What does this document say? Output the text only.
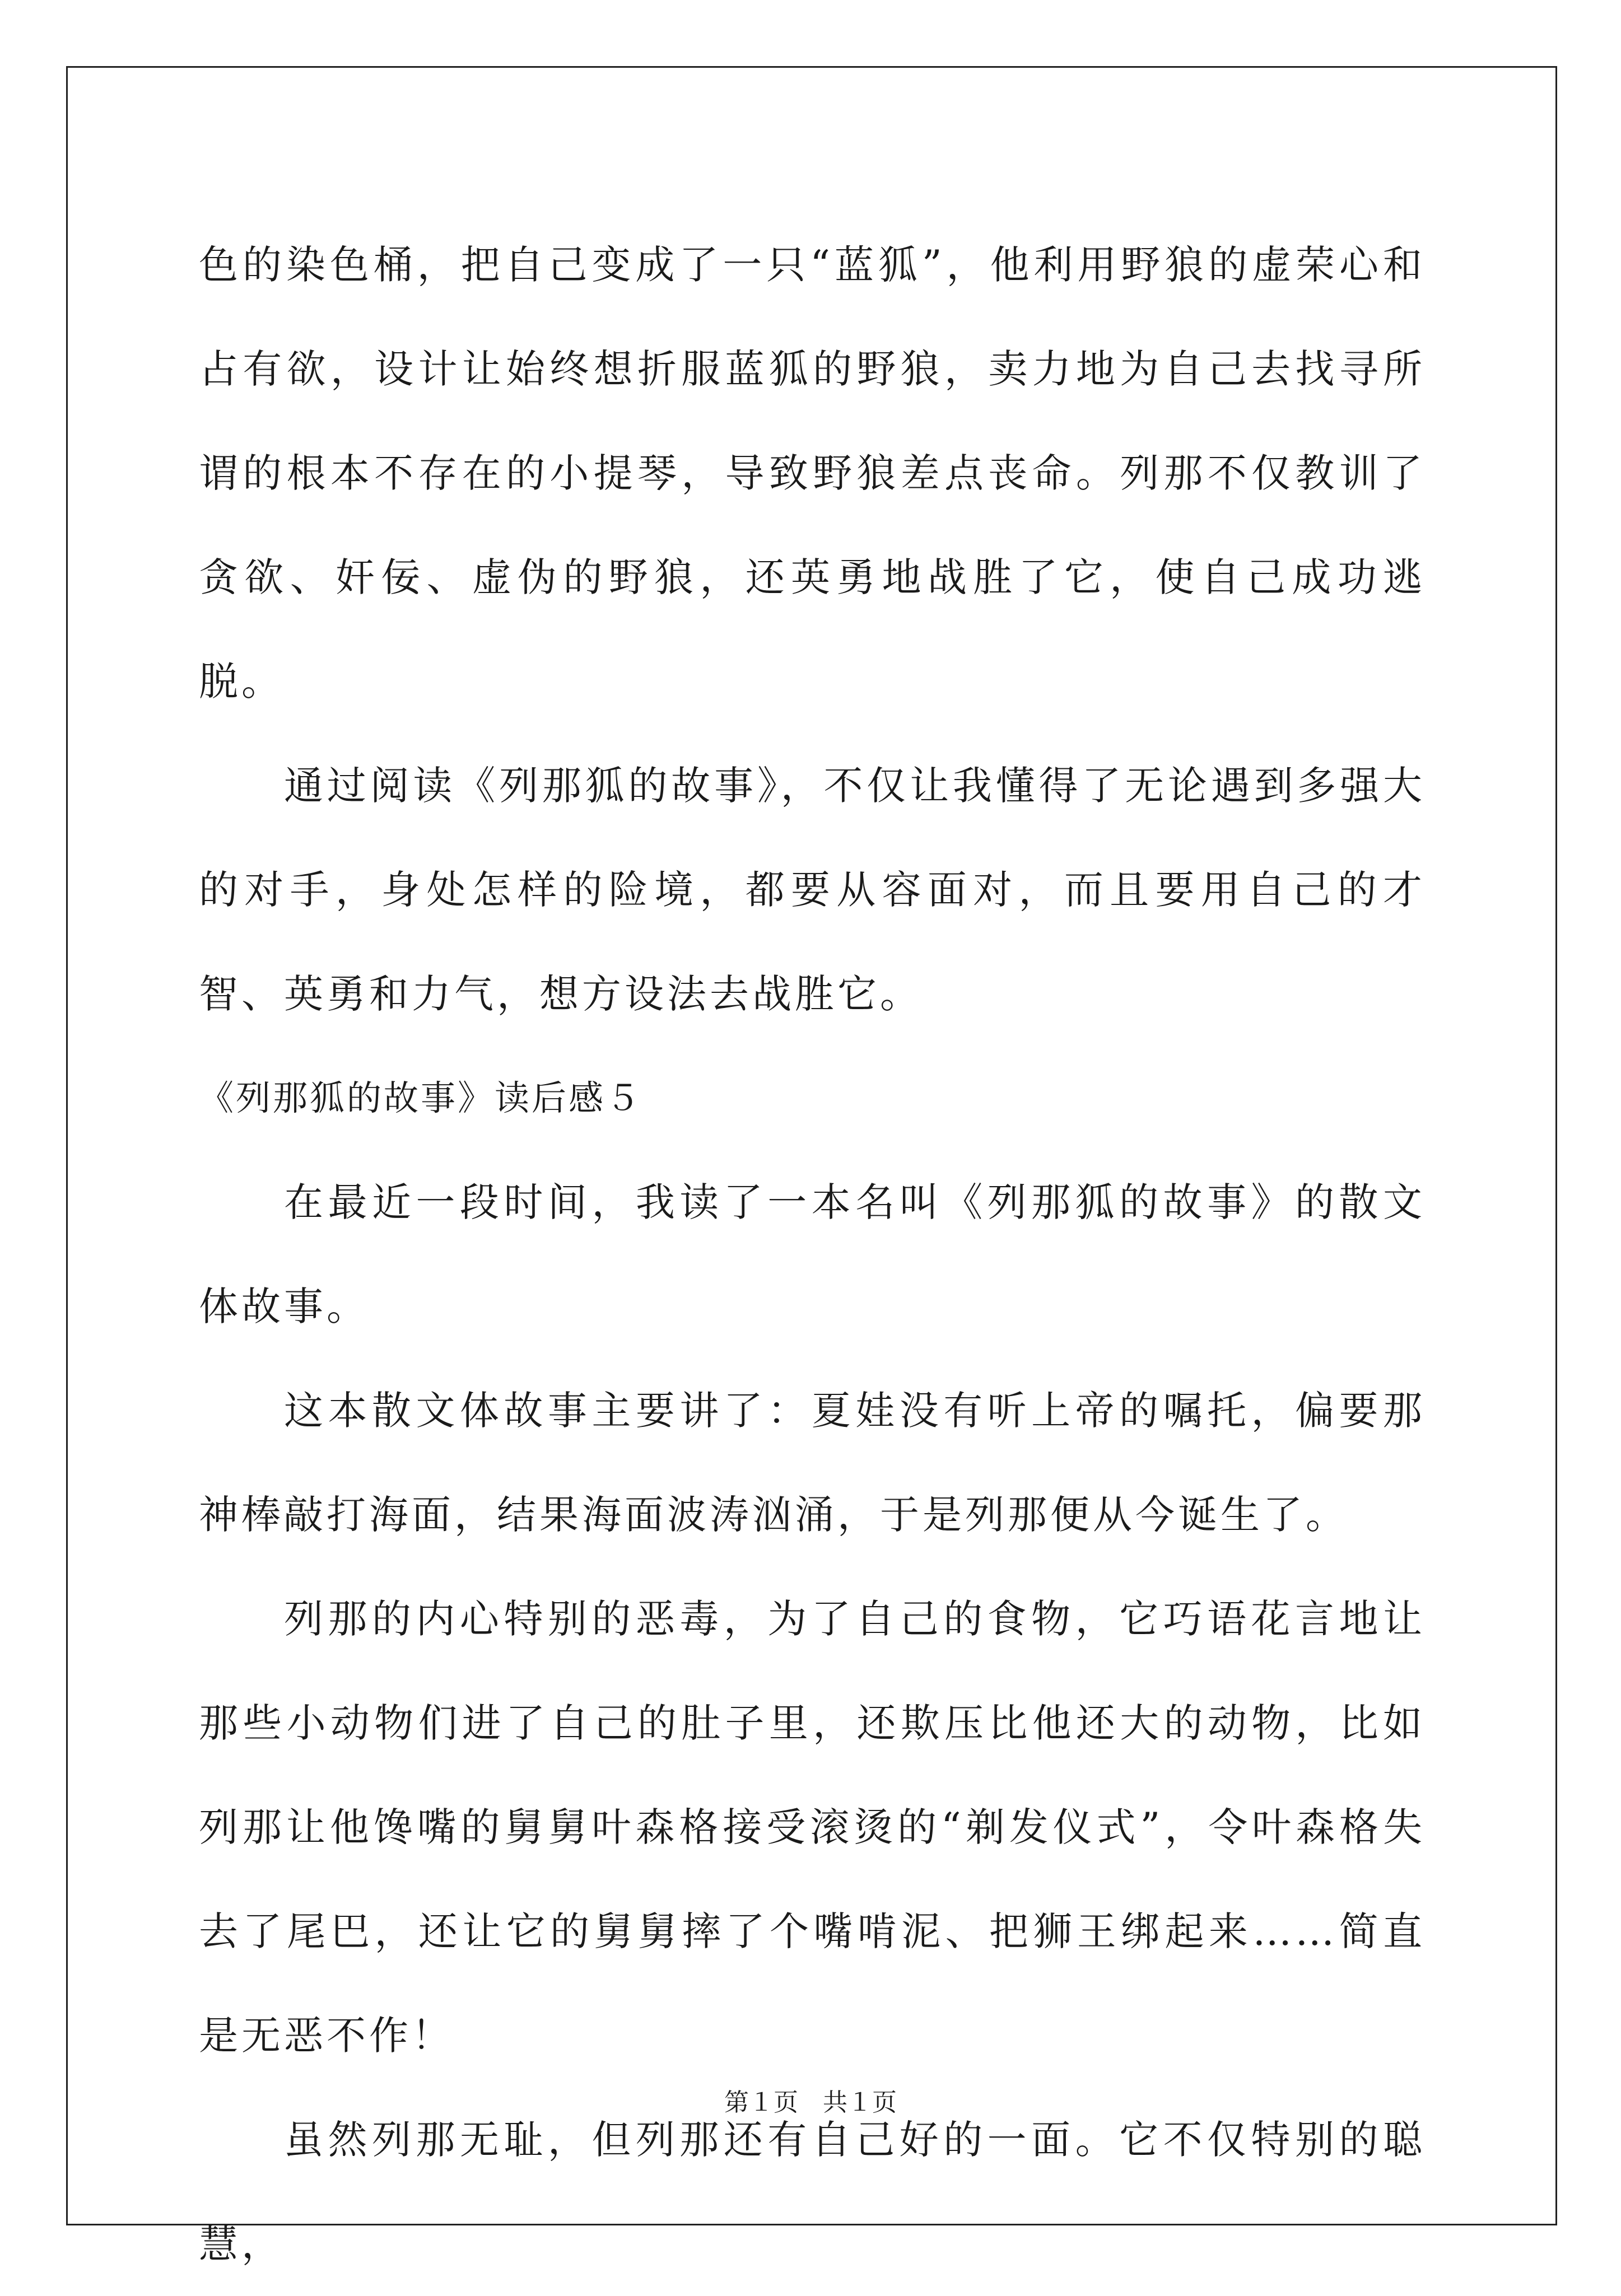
色的染色桶，把自己变成了一只“蓝狐”，他利用野狼的虚荣心和占有欲，设计让始终想折服蓝狐的野狼，卖力地为自己去找寻所谓的根本不存在的小提琴，导致野狼差点丧命。列那不仅教训了贪欲、奸佞、虚伪的野狼，还英勇地战胜了它，使自己成功逃脱。

通过阅读《列那狐的故事》，不仅让我懂得了无论遇到多强大的对手，身处怎样的险境，都要从容面对，而且要用自己的才智、英勇和力气，想方设法去战胜它。

《列那狐的故事》读后感５

在最近一段时间，我读了一本名叫《列那狐的故事》的散文体故事。

这本散文体故事主要讲了：夏娃没有听上帝的嘱托，偏要那神棒敲打海面，结果海面波涛汹涌，于是列那便从今诞生了。

列那的内心特别的恶毒，为了自己的食物，它巧语花言地让那些小动物们进了自己的肚子里，还欺压比他还大的动物，比如列那让他馋嘴的舅舅叶森格接受滚烫的“剃发仪式”，令叶森格失去了尾巴，还让它的舅舅摔了个嘴啃泥、把狮王绑起来……简直是无恶不作！

虽然列那无耻，但列那还有自己好的一面。它不仅特别的聪慧，

第１页　共１页
